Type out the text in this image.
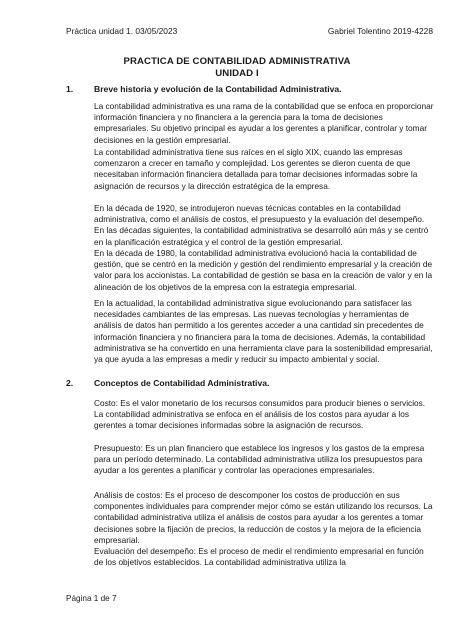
Práctica unidad 1. 03/05/2023	Gabriel Tolentino 2019-4228
PRACTICA DE CONTABILIDAD ADMINISTRATIVA
UNIDAD I
1. Breve historia y evolución de la Contabilidad Administrativa.

La contabilidad administrativa es una rama de la contabilidad que se enfoca en proporcionar información financiera y no financiera a la gerencia para la toma de decisiones empresariales. Su objetivo principal es ayudar a los gerentes a planificar, controlar y tomar decisiones en la gestión empresarial.

La contabilidad administrativa tiene sus raíces en el siglo XIX, cuando las empresas comenzaron a crecer en tamaño y complejidad. Los gerentes se dieron cuenta de que necesitaban información financiera detallada para tomar decisiones informadas sobre la asignación de recursos y la dirección estratégica de la empresa.

En la década de 1920, se introdujeron nuevas técnicas contables en la contabilidad administrativa, como el análisis de costos, el presupuesto y la evaluación del desempeño. En las décadas siguientes, la contabilidad administrativa se desarrolló aún más y se centró en la planificación estratégica y el control de la gestión empresarial.

En la década de 1980, la contabilidad administrativa evolucionó hacia la contabilidad de gestión, que se centró en la medición y gestión del rendimiento empresarial y la creación de valor para los accionistas. La contabilidad de gestión se basa en la creación de valor y en la alineación de los objetivos de la empresa con la estrategia empresarial.

En la actualidad, la contabilidad administrativa sigue evolucionando para satisfacer las necesidades cambiantes de las empresas. Las nuevas tecnologías y herramientas de análisis de datos han permitido a los gerentes acceder a una cantidad sin precedentes de información financiera y no financiera para la toma de decisiones. Además, la contabilidad administrativa se ha convertido en una herramienta clave para la sostenibilidad empresarial, ya que ayuda a las empresas a medir y reducir su impacto ambiental y social.

2. Conceptos de Contabilidad Administrativa.

Costo: Es el valor monetario de los recursos consumidos para producir bienes o servicios. La contabilidad administrativa se enfoca en el análisis de los costos para ayudar a los gerentes a tomar decisiones informadas sobre la asignación de recursos.

Presupuesto: Es un plan financiero que establece los ingresos y los gastos de la empresa para un período determinado. La contabilidad administrativa utiliza los presupuestos para ayudar a los gerentes a planificar y controlar las operaciones empresariales.

Análisis de costos: Es el proceso de descomponer los costos de producción en sus componentes individuales para comprender mejor cómo se están utilizando los recursos. La contabilidad administrativa utiliza el análisis de costos para ayudar a los gerentes a tomar decisiones sobre la fijación de precios, la reducción de costos y la mejora de la eficiencia empresarial.

Evaluación del desempeño: Es el proceso de medir el rendimiento empresarial en función de los objetivos establecidos. La contabilidad administrativa utiliza la

Página 1 de 7
